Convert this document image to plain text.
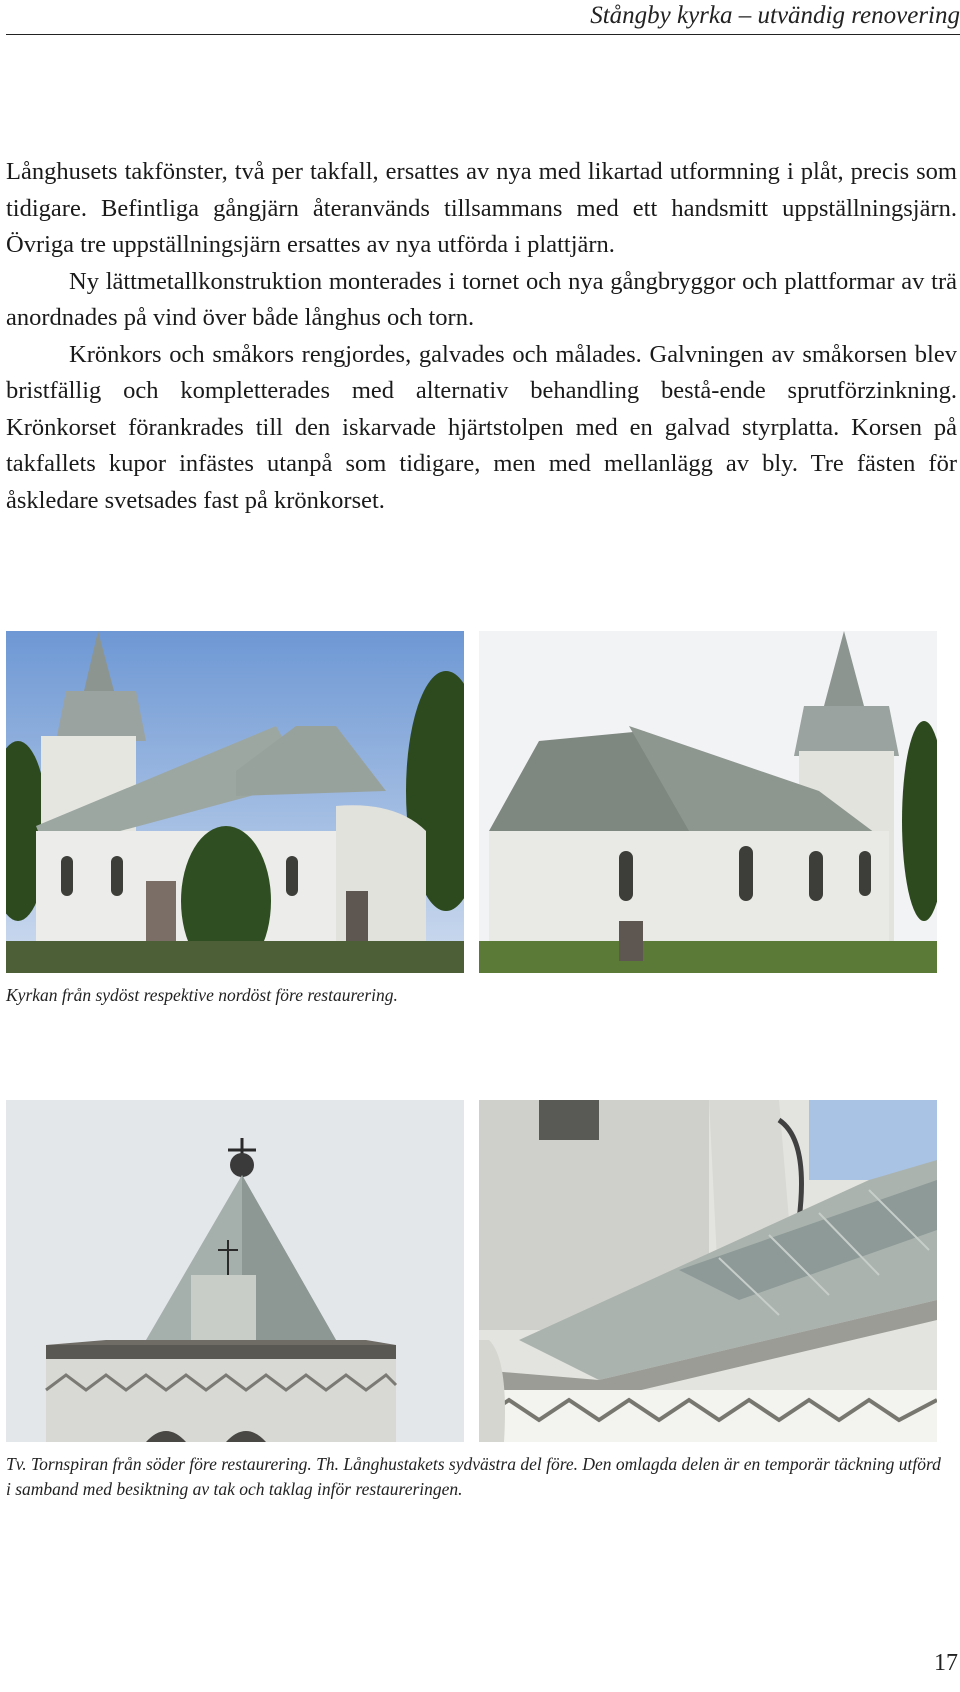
Stångby kyrka – utvändig renovering

Långhusets takfönster, två per takfall, ersattes av nya med likartad utformning i plåt, precis som tidigare. Befintliga gångjärn återanvänds tillsammans med ett handsmitt uppställningsjärn. Övriga tre uppställningsjärn ersattes av nya utförda i plattjärn.

Ny lättmetallkonstruktion monterades i tornet och nya gångbryggor och plattformar av trä anordnades på vind över både långhus och torn.

Krönkors och småkors rengjordes, galvades och målades. Galvningen av småkorsen blev bristfällig och kompletterades med alternativ behandling bestå-ende sprutförzinkning. Krönkorset förankrades till den iskarvade hjärtstolpen med en galvad styrplatta. Korsen på takfallets kupor infästes utanpå som tidigare, men med mellanlägg av bly. Tre fästen för åskledare svetsades fast på krönkorset.

Kyrkan från sydöst respektive nordöst före restaurering.
Tv. Tornspiran från söder före restaurering. Th. Långhustakets sydvästra del före. Den omlagda delen är en temporär täckning utförd i samband med besiktning av tak och taklag inför restaureringen.
17
